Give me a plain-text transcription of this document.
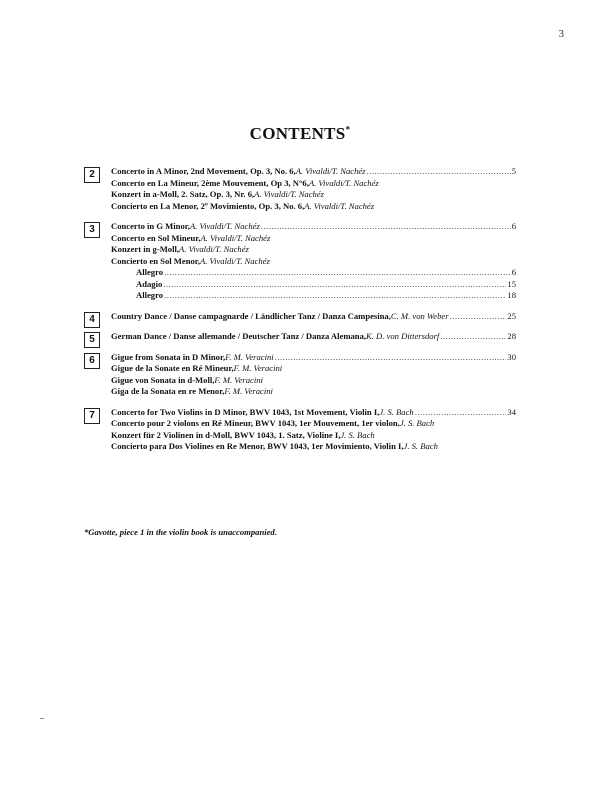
3
CONTENTS*
2	Concerto in A Minor, 2nd Movement, Op. 3, No. 6, A. Vivaldi/T. Nachéz .....	5
Concerto en La Mineur, 2ème Mouvement, Op 3, N°6, A. Vivaldi/T. Nachéz
Konzert in a-Moll, 2. Satz, Op. 3, Nr. 6, A. Vivaldi/T. Nachéz
Concierto en La Menor, 2º Movimiento, Op. 3, No. 6, A. Vivaldi/T. Nachéz
3	Concerto in G Minor, A. Vivaldi/T. Nachéz .....	6
Concerto en Sol Mineur, A. Vivaldi/T. Nachéz
Konzert in g-Moll, A. Vivaldi/T. Nachéz
Concierto en Sol Menor, A. Vivaldi/T. Nachéz
Allegro .....	6
Adagio .....	15
Allegro .....	18
4	Country Dance / Danse campagnarde / Ländlicher Tanz / Danza Campesina, C. M. von Weber .....	25
5	German Dance / Danse allemande / Deutscher Tanz / Danza Alemana, K. D. von Dittersdorf .....	28
6	Gigue from Sonata in D Minor, F. M. Veracini .....	30
Gigue de la Sonate en Ré Mineur, F. M. Veracini
Gigue von Sonata in d-Moll, F. M. Veracini
Giga de la Sonata en re Menor, F. M. Veracini
7	Concerto for Two Violins in D Minor, BWV 1043, 1st Movement, Violin I, J. S. Bach .....	34
Concerto pour 2 violons en Ré Mineur, BWV 1043, 1er Mouvement, 1er violon, J. S. Bach
Konzert für 2 Violinen in d-Moll, BWV 1043, 1. Satz, Violine I, J. S. Bach
Concierto para Dos Violines en Re Menor, BWV 1043, 1er Movimiento, Violin I, J. S. Bach
*Gavotte, piece 1 in the violin book is unaccompanied.
